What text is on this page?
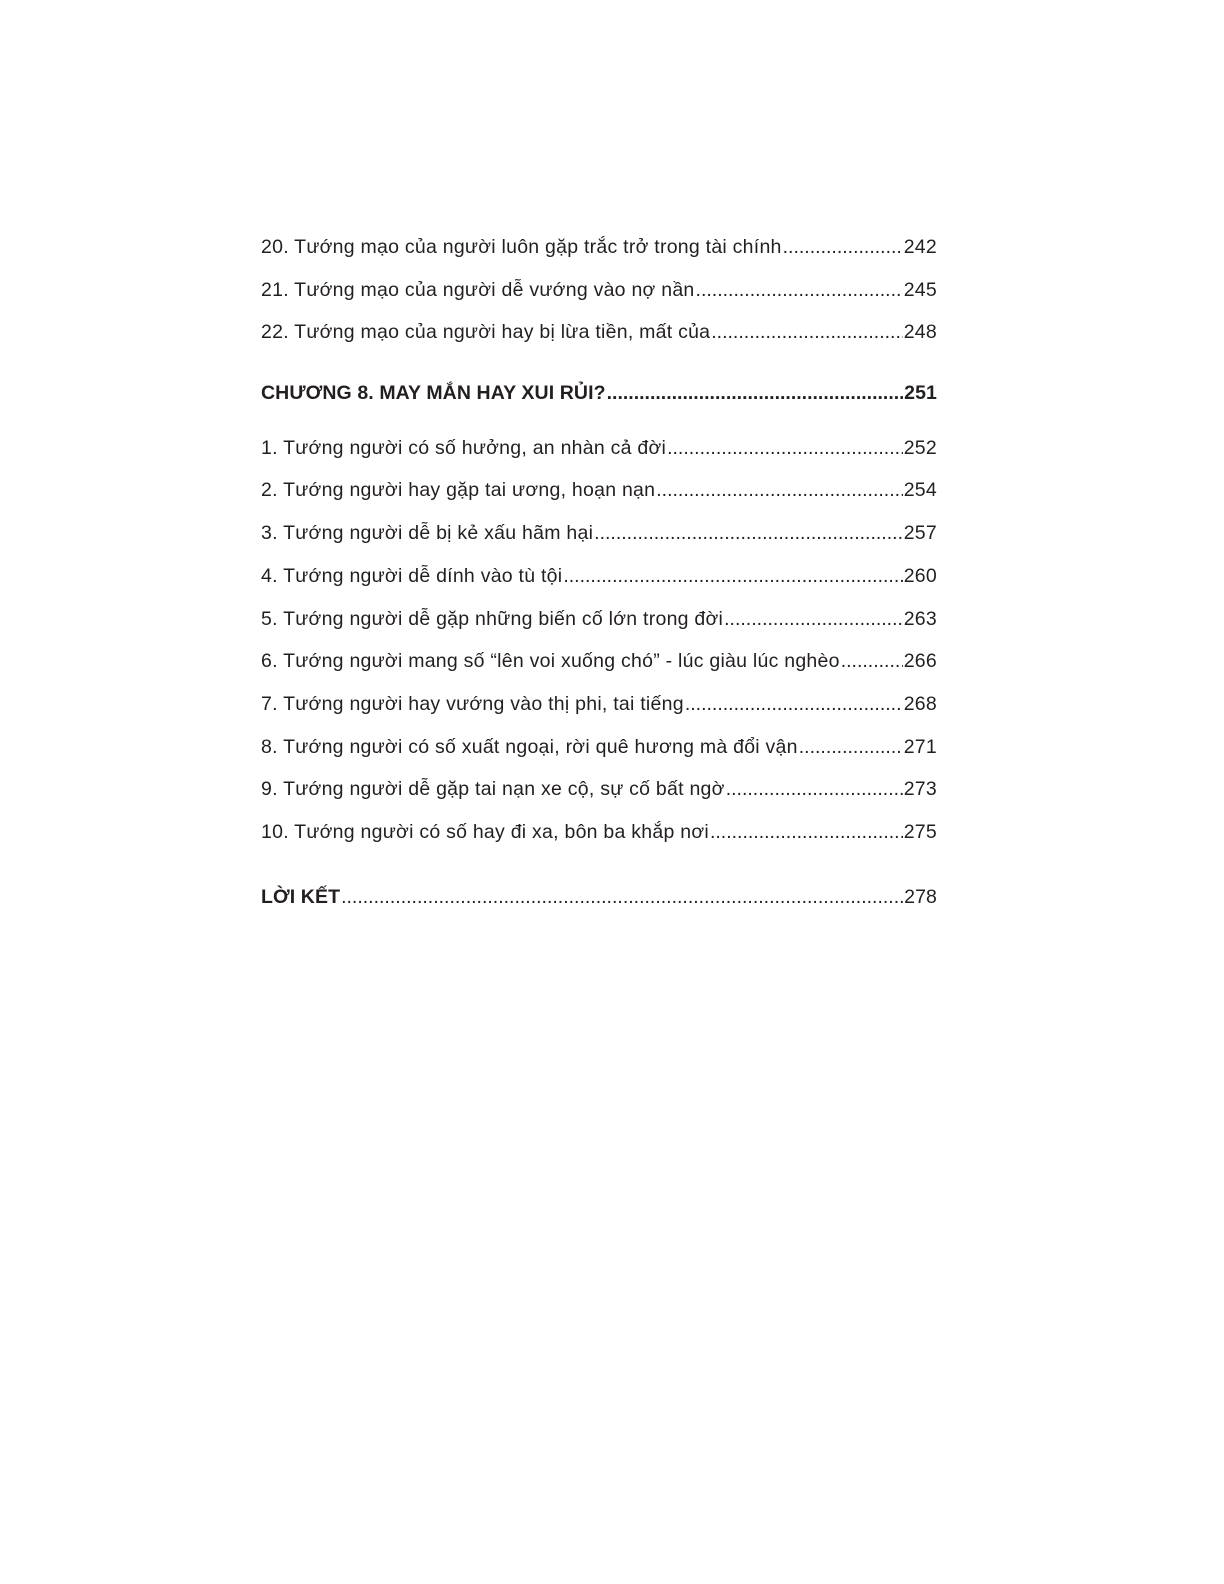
20. Tướng mạo của người luôn gặp trắc trở trong tài chính .....	242
21. Tướng mạo của người dễ vướng vào nợ nần .....	245
22. Tướng mạo của người hay bị lừa tiền, mất của .....	248
CHƯƠNG 8. MAY MẮN HAY XUI RỦI? .....	251
1. Tướng người có số hưởng, an nhàn cả đời .....	252
2. Tướng người hay gặp tai ương, hoạn nạn .....	254
3. Tướng người dễ bị kẻ xấu hãm hại .....	257
4. Tướng người dễ dính vào tù tội .....	260
5. Tướng người dễ gặp những biến cố lớn trong đời .....	263
6. Tướng người mang số “lên voi xuống chó” - lúc giàu lúc nghèo .....	266
7. Tướng người hay vướng vào thị phi, tai tiếng .....	268
8. Tướng người có số xuất ngoại, rời quê hương mà đổi vận .....	271
9. Tướng người dễ gặp tai nạn xe cộ, sự cố bất ngờ .....	273
10. Tướng người có số hay đi xa, bôn ba khắp nơi .....	275
LỜI KẾT .....	278
